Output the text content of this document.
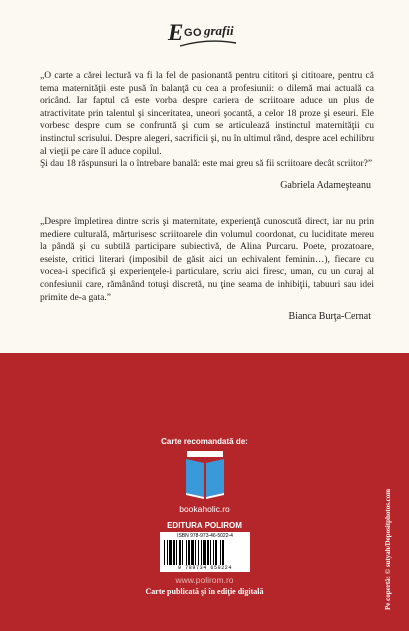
E GO grafii

„O carte a cărei lectură va fi la fel de pasionantă pentru cititori şi cititoare, pentru că tema maternităţii este pusă în balanţă cu cea a profesiunii: o dilemă mai actuală ca oricând. Iar faptul că este vorba despre cariera de scriitoare aduce un plus de atractivitate prin talentul şi sinceritatea, uneori şocantă, a celor 18 proze şi eseuri. Ele vorbesc despre cum se confruntă şi cum se articulează instinctul maternităţii cu instinctul scrisului. Despre alegeri, sacrificii şi, nu în ultimul rând, despre acel echilibru al vieţii pe care îl aduce copilul.
Şi dau 18 răspunsuri la o întrebare banală: este mai greu să fii scriitoare decât scriitor?”

Gabriela Adameşteanu

„Despre împletirea dintre scris şi maternitate, experienţă cunoscută direct, iar nu prin mediere culturală, mărturisesc scriitoarele din volumul coordonat, cu luciditate mereu la pândă şi cu subtilă participare subiectivă, de Alina Purcaru. Poete, prozatoare, eseiste, critici literari (imposibil de găsit aici un echivalent feminin…), fiecare cu vocea-i specifică şi experienţele-i particulare, scriu aici firesc, uman, cu un curaj al confesiunii care, rămânând totuşi discretă, nu ţine seama de inhibiţii, tabuuri sau idei primite de-a gata.”

Bianca Burţa-Cernat

Carte recomandată de:

bookaholic.ro

EDITURA POLIROM

ISBN 978-973-46-5022-4

9 789734 650224

www.polirom.ro

Carte publicată şi în ediţie digitală	Pe copertă: © sutyah/Depositphotos.com
